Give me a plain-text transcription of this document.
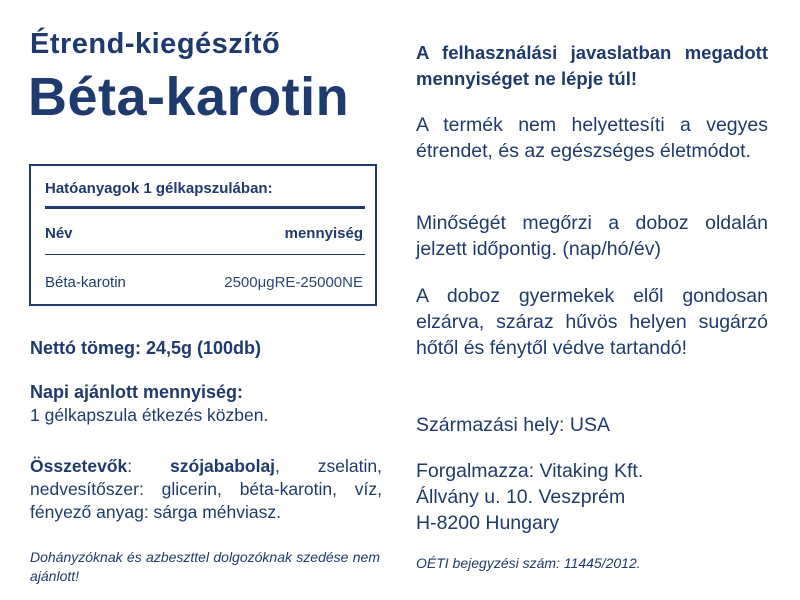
Étrend-kiegészítő
Béta-karotin
Hatóanyagok 1 gélkapszulában:
Név	mennyiség
Béta-karotin	2500μgRE-25000NE
Nettó tömeg: 24,5g (100db)
Napi ajánlott mennyiség:
1 gélkapszula étkezés közben.
Összetevők: szójababolaj, zselatin, nedvesítőszer: glicerin, béta-karotin, víz, fényező anyag: sárga méhviasz.
Dohányzóknak és azbeszttel dolgozóknak szedése nem ajánlott!
A felhasználási javaslatban megadott mennyiséget ne lépje túl!
A termék nem helyettesíti a vegyes étrendet, és az egészséges életmódot.
Minőségét megőrzi a doboz oldalán jelzett időpontig. (nap/hó/év)
A doboz gyermekek elől gondosan elzárva, száraz hűvös helyen sugárzó hőtől és fénytől védve tartandó!
Származási hely: USA
Forgalmazza: Vitaking Kft.
Állvány u. 10. Veszprém
H-8200 Hungary
OÉTI bejegyzési szám: 11445/2012.
